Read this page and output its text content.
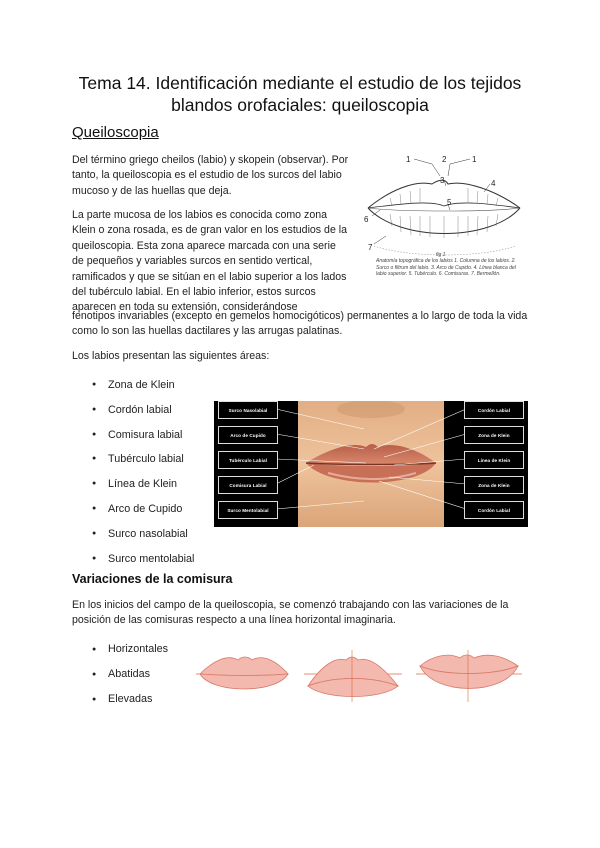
Tema 14. Identificación mediante el estudio de los tejidos blandos orofaciales: queiloscopia
Queiloscopia
Del término griego cheilos (labio) y skopein (observar). Por tanto, la queiloscopia es el estudio de los surcos del labio mucoso y de las huellas que deja.
La parte mucosa de los labios es conocida como zona Klein o zona rosada, es de gran valor en los estudios de la queiloscopia. Esta zona aparece marcada con una serie de pequeños y variables surcos en sentido vertical, ramificados y que se sitúan en el labio superior a los lados del tubérculo labial. En el labio inferior, estos surcos aparecen en toda su extensión, considerándose
fenotipos invariables (excepto en gemelos homocigóticos) permanentes a lo largo de toda la vida como lo son las huellas dactilares y las arrugas palatinas.
1	2	1
3	4
5
6
7
fig 1
Anatomía topográfica de los labios 1. Columna de los labios. 2. Surco o filtrum del labio. 3. Arco de Cupido. 4. Línea blanca del labio superior. 5. Tubérculo. 6. Comisuras. 7. Bermellón.
Los labios presentan las siguientes áreas:
● Zona de Klein
● Cordón labial
● Comisura labial
● Tubérculo labial
● Línea de Klein
● Arco de Cupido
● Surco nasolabial
● Surco mentolabial
Surco Nasolabial
Arco de Cupido
Tubérculo Labial
Comisura Labial
Surco Mentolabial
Cordón Labial
Zona de Klein
Línea de Klein
Zona de Klein
Cordón Labial
Variaciones de la comisura
En los inicios del campo de la queiloscopia, se comenzó trabajando con las variaciones de la posición de las comisuras respecto a una línea horizontal imaginaria.
● Horizontales
● Abatidas
● Elevadas
